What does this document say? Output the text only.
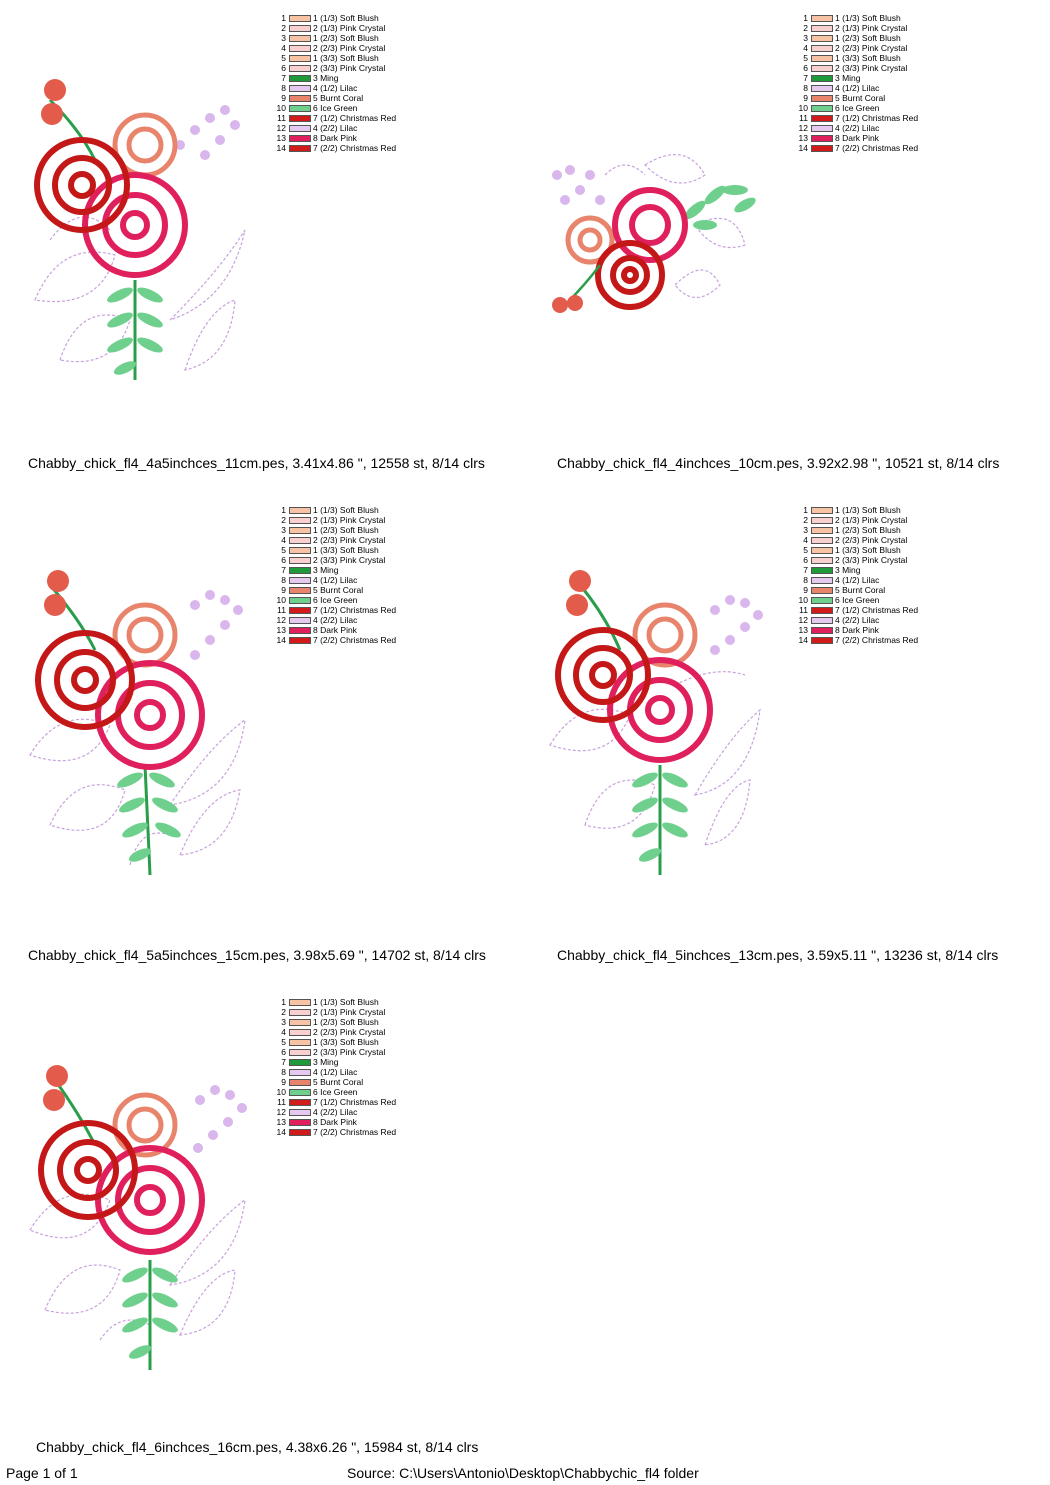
1	1 (1/3) Soft Blush
2	2 (1/3) Pink Crystal
3	1 (2/3) Soft Blush
4	2 (2/3) Pink Crystal
5	1 (3/3) Soft Blush
6	2 (3/3) Pink Crystal
7	3 Ming
8	4 (1/2) Lilac
9	5 Burnt Coral
10	6 Ice Green
11	7 (1/2) Christmas Red
12	4 (2/2) Lilac
13	8 Dark Pink
14	7 (2/2) Christmas Red
Chabby_chick_fl4_4a5inchces_11cm.pes, 3.41x4.86 ", 12558 st, 8/14 clrs
1	1 (1/3) Soft Blush
2	2 (1/3) Pink Crystal
3	1 (2/3) Soft Blush
4	2 (2/3) Pink Crystal
5	1 (3/3) Soft Blush
6	2 (3/3) Pink Crystal
7	3 Ming
8	4 (1/2) Lilac
9	5 Burnt Coral
10	6 Ice Green
11	7 (1/2) Christmas Red
12	4 (2/2) Lilac
13	8 Dark Pink
14	7 (2/2) Christmas Red
Chabby_chick_fl4_4inchces_10cm.pes, 3.92x2.98 ", 10521 st, 8/14 clrs
1	1 (1/3) Soft Blush
2	2 (1/3) Pink Crystal
3	1 (2/3) Soft Blush
4	2 (2/3) Pink Crystal
5	1 (3/3) Soft Blush
6	2 (3/3) Pink Crystal
7	3 Ming
8	4 (1/2) Lilac
9	5 Burnt Coral
10	6 Ice Green
11	7 (1/2) Christmas Red
12	4 (2/2) Lilac
13	8 Dark Pink
14	7 (2/2) Christmas Red
Chabby_chick_fl4_5a5inchces_15cm.pes, 3.98x5.69 ", 14702 st, 8/14 clrs
1	1 (1/3) Soft Blush
2	2 (1/3) Pink Crystal
3	1 (2/3) Soft Blush
4	2 (2/3) Pink Crystal
5	1 (3/3) Soft Blush
6	2 (3/3) Pink Crystal
7	3 Ming
8	4 (1/2) Lilac
9	5 Burnt Coral
10	6 Ice Green
11	7 (1/2) Christmas Red
12	4 (2/2) Lilac
13	8 Dark Pink
14	7 (2/2) Christmas Red
Chabby_chick_fl4_5inchces_13cm.pes, 3.59x5.11 ", 13236 st, 8/14 clrs
1	1 (1/3) Soft Blush
2	2 (1/3) Pink Crystal
3	1 (2/3) Soft Blush
4	2 (2/3) Pink Crystal
5	1 (3/3) Soft Blush
6	2 (3/3) Pink Crystal
7	3 Ming
8	4 (1/2) Lilac
9	5 Burnt Coral
10	6 Ice Green
11	7 (1/2) Christmas Red
12	4 (2/2) Lilac
13	8 Dark Pink
14	7 (2/2) Christmas Red
Chabby_chick_fl4_6inchces_16cm.pes, 4.38x6.26 ", 15984 st, 8/14 clrs
Page 1 of 1	Source: C:\Users\Antonio\Desktop\Chabbychic_fl4 folder
